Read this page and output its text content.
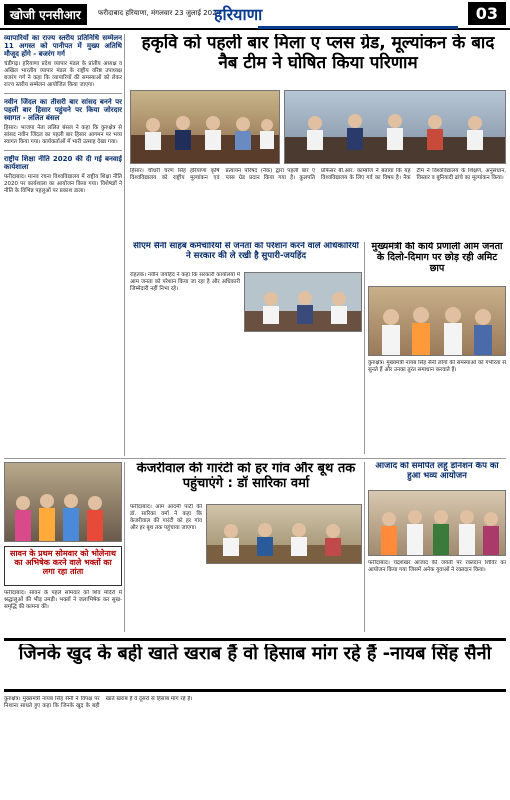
खोजी एनसीआर	फरीदाबाद हरियाणा, मंगलवार 23 जुलाई 2024
हरियाणा	03
व्यापारियों का राज्य स्तरीय प्रतिनिधि सम्मेलन 11 अगस्त को पानीपत में मुख्य अतिथि मौजूद होंगे - बजरंग गर्ग
चंडीगढ़। हरियाणा प्रदेश व्यापार मंडल के प्रांतीय अध्यक्ष व अखिल भारतीय व्यापार मंडल के राष्ट्रीय वरिष्ठ उपाध्यक्ष बजरंग गर्ग ने कहा कि व्यापारियों की समस्याओं को लेकर राज्य स्तरीय सम्मेलन आयोजित किया जाएगा।
नवीन जिंदल का तीसरी बार सांसद बनने पर पहली बार हिसार पहुंचने पर किया जोरदार स्वागत - ललित बंसल
हिसार। भाजपा नेता ललित बंसल ने कहा कि कुरुक्षेत्र से सांसद नवीन जिंदल का पहली बार हिसार आगमन पर भव्य स्वागत किया गया। कार्यकर्ताओं में भारी उत्साह देखा गया।
राष्ट्रीय शिक्षा नीति 2020 की दी गई बनवाई कार्यशाला
फरीदाबाद। मानव रचना विश्वविद्यालय में राष्ट्रीय शिक्षा नीति 2020 पर कार्यशाला का आयोजन किया गया। विशेषज्ञों ने नीति के विभिन्न पहलुओं पर प्रकाश डाला।
हकृवि को पहली बार मिला ए प्लस ग्रेड, मूल्यांकन के बाद नैब टीम ने घोषित किया परिणाम
हिसार। चौधरी चरण सिंह हरियाणा कृषि विश्वविद्यालय को राष्ट्रीय मूल्यांकन एवं प्रत्यायन परिषद (नैक) द्वारा पहली बार ए प्लस ग्रेड प्रदान किया गया है। कुलपति प्रोफेसर बी.आर. काम्बोज ने बताया कि यह विश्वविद्यालय के लिए गर्व का विषय है। नैक टीम ने विश्वविद्यालय के शिक्षण, अनुसंधान, विस्तार व बुनियादी ढांचे का मूल्यांकन किया।
सीएम सैनी साहब कर्मचारियों से जनता को परेशान करने वाले अधिकारियों ने सरकार की ले रखी है सुपारी-जयहिंद
रोहतक। नवीन जयहिंद ने कहा कि सरकारी कार्यालयों में आम जनता को परेशान किया जा रहा है और अधिकारी जिम्मेदारी नहीं निभा रहे।
मुख्यमंत्री की कार्य प्रणाली आम जनता के दिलो-दिमाग पर छोड़ रही अमिट छाप
कुरुक्षेत्र। मुख्यमंत्री नायब सिंह सैनी लोगों की समस्याओं को गंभीरता से सुनते हैं और उनका तुरंत समाधान करवाते हैं।
केजरीवाल की गारंटी को हर गांव और बूथ तक पहुंचाएंगे : डॉ सारिका वर्मा
फरीदाबाद। आम आदमी पार्टी की डॉ. सारिका वर्मा ने कहा कि केजरीवाल की गारंटी को हर गांव और हर बूथ तक पहुंचाया जाएगा।
आजाद को समर्पित लहू डोनेशन कैंप का हुआ भव्य आयोजन
फरीदाबाद। चंद्रशेखर आजाद की जयंती पर रक्तदान शिविर का आयोजन किया गया जिसमें अनेक युवाओं ने रक्तदान किया।
सावन के प्रथम सोमवार को भोलेनाथ का अभिषेक करने वाले भक्तों का लगा रहा तांता
फरीदाबाद। सावन के पहले सोमवार को शिव मंदिरों में श्रद्धालुओं की भीड़ उमड़ी। भक्तों ने जलाभिषेक कर सुख-समृद्धि की कामना की।
जिनके खुद के बही खाते खराब हैं वो हिसाब मांग रहे हैं -नायब सिंह सैनी
कुरुक्षेत्र। मुख्यमंत्री नायब सिंह सैनी ने विपक्ष पर निशाना साधते हुए कहा कि जिनके खुद के बही खाते खराब हैं वे दूसरों से हिसाब मांग रहे हैं।
